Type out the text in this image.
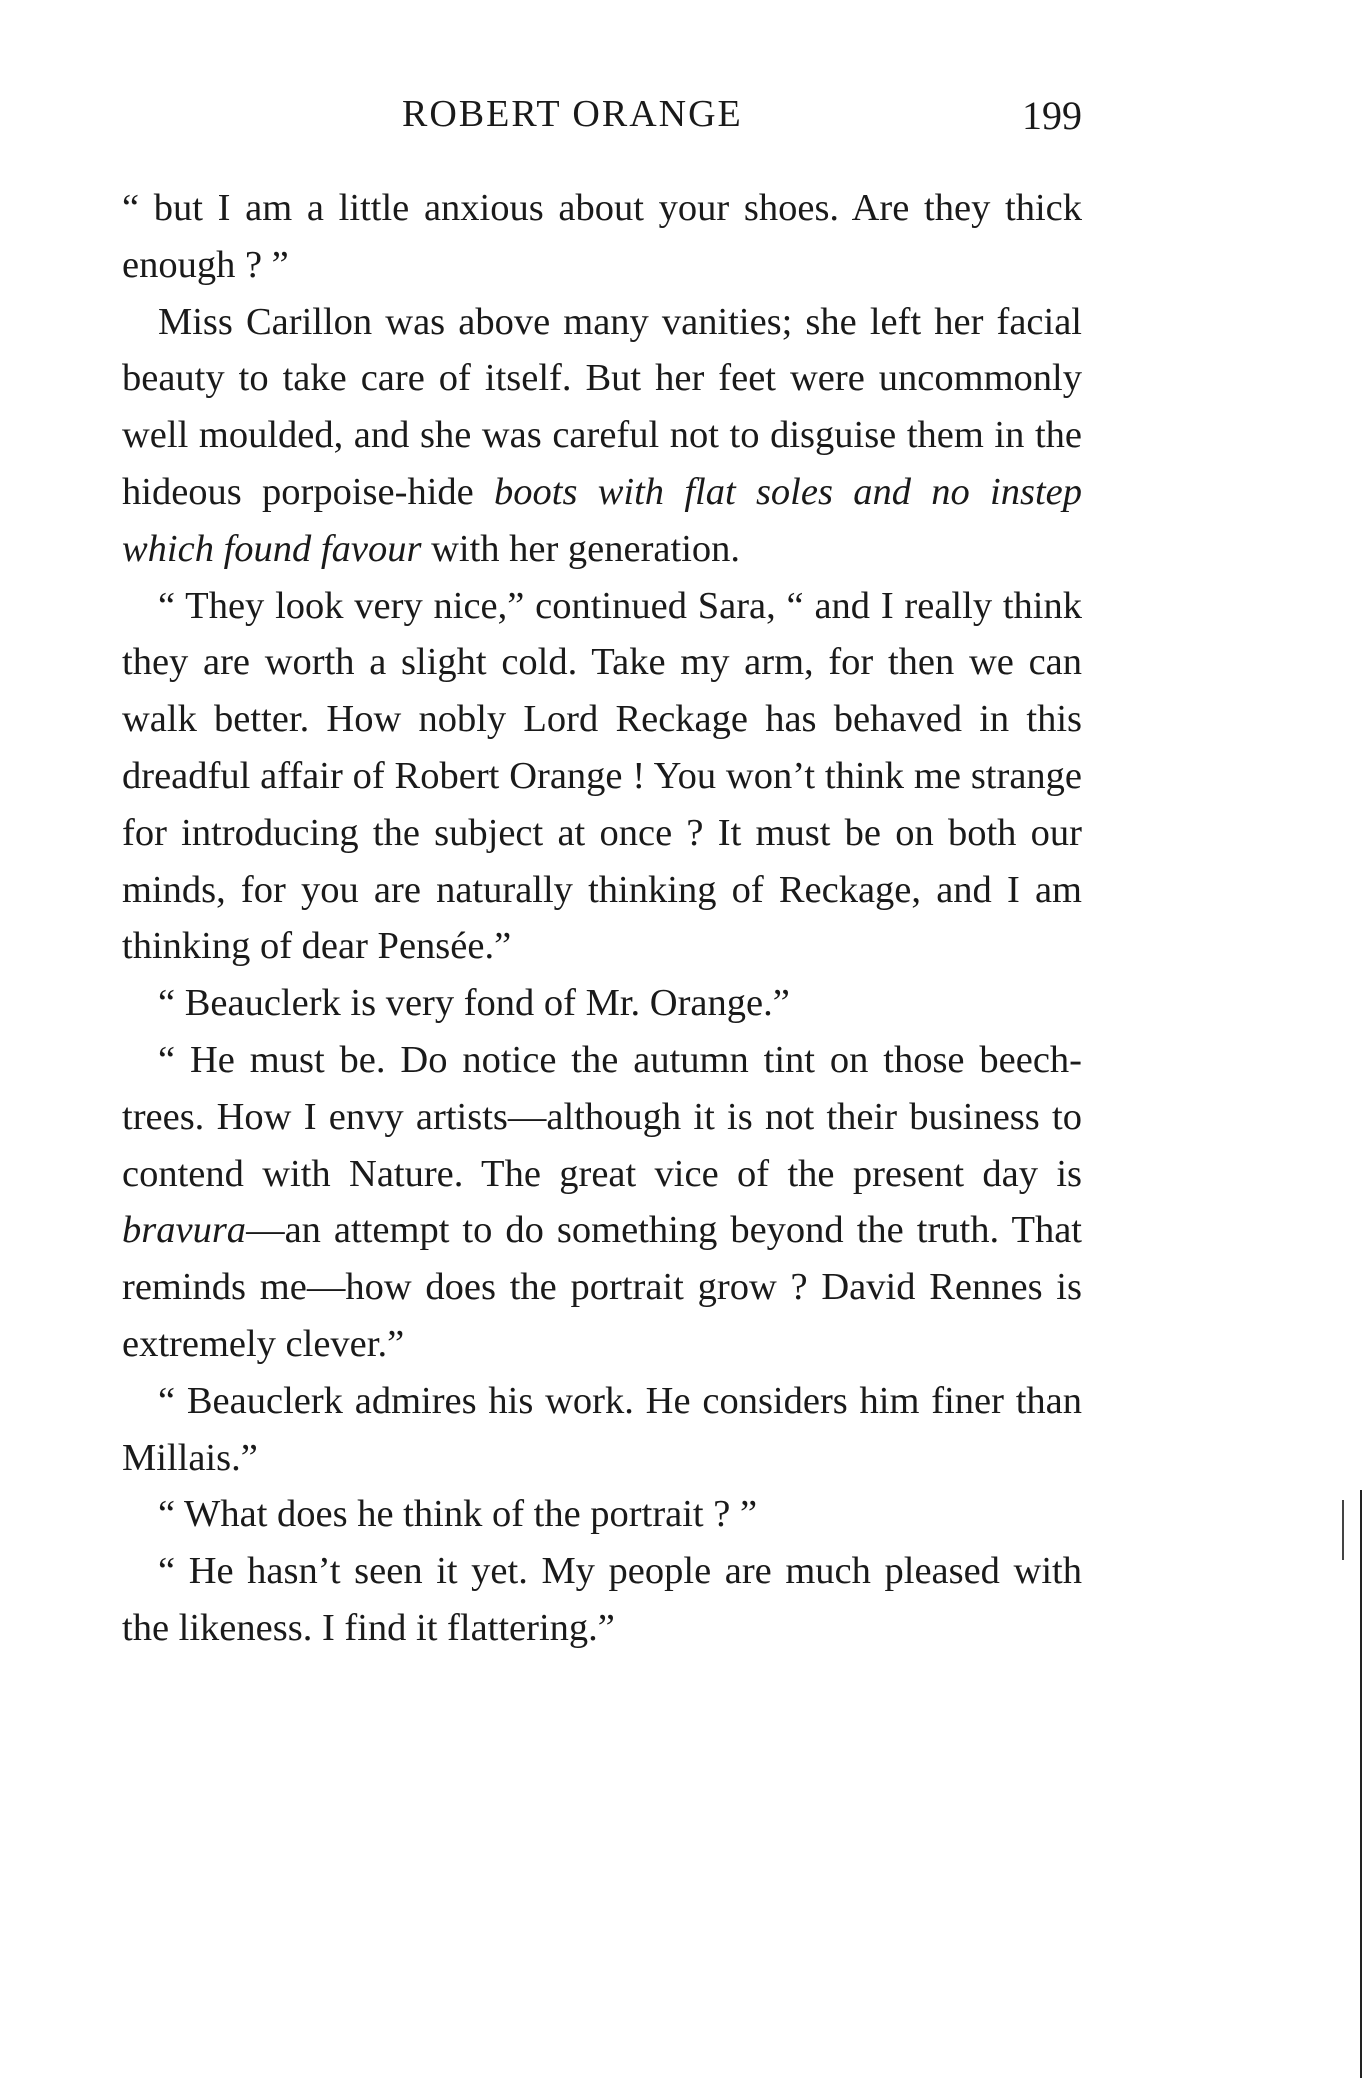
ROBERT ORANGE	199

“ but I am a little anxious about your shoes. Are they thick enough ? ”

Miss Carillon was above many vanities; she left her facial beauty to take care of itself. But her feet were uncommonly well moulded, and she was careful not to disguise them in the hideous porpoise-hide boots with flat soles and no instep which found favour with her generation.

“ They look very nice,” continued Sara, “ and I really think they are worth a slight cold. Take my arm, for then we can walk better. How nobly Lord Reckage has behaved in this dreadful affair of Robert Orange ! You won’t think me strange for introducing the subject at once ? It must be on both our minds, for you are naturally thinking of Reckage, and I am thinking of dear Pensée.”

“ Beauclerk is very fond of Mr. Orange.”

“ He must be. Do notice the autumn tint on those beech-trees. How I envy artists—although it is not their business to contend with Nature. The great vice of the present day is bravura—an attempt to do something beyond the truth. That reminds me—how does the portrait grow ? David Rennes is extremely clever.”

“ Beauclerk admires his work. He considers him finer than Millais.”

“ What does he think of the portrait ? ”

“ He hasn’t seen it yet. My people are much pleased with the likeness. I find it flattering.”
